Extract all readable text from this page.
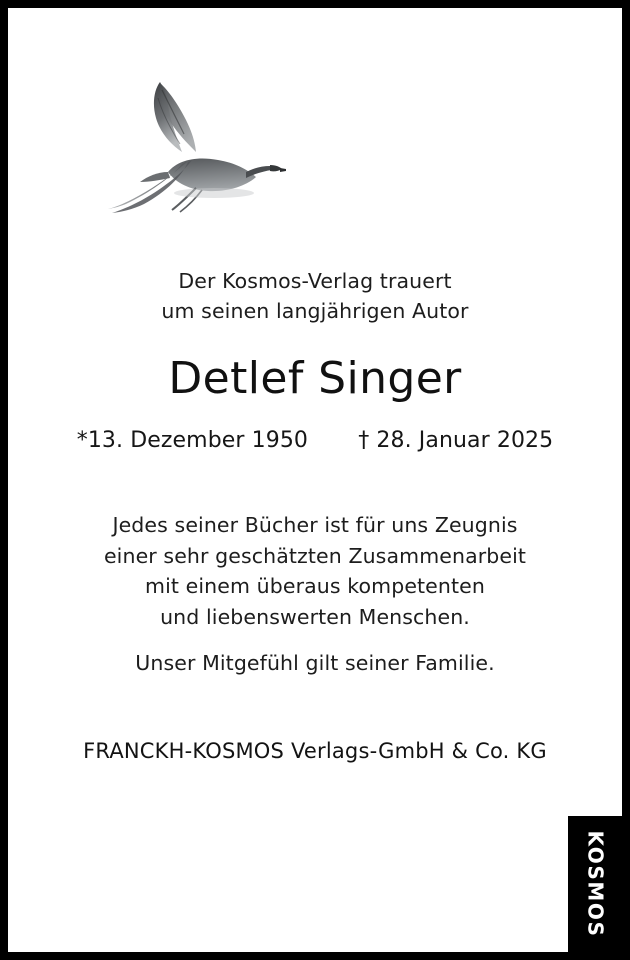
Der Kosmos-Verlag trauert
um seinen langjährigen Autor
Detlef Singer
*13. Dezember 1950 † 28. Januar 2025
Jedes seiner Bücher ist für uns Zeugnis
einer sehr geschätzten Zusammenarbeit
mit einem überaus kompetenten
und liebenswerten Menschen.
Unser Mitgefühl gilt seiner Familie.
FRANCKH-KOSMOS Verlags-GmbH & Co. KG
KOSMOS
